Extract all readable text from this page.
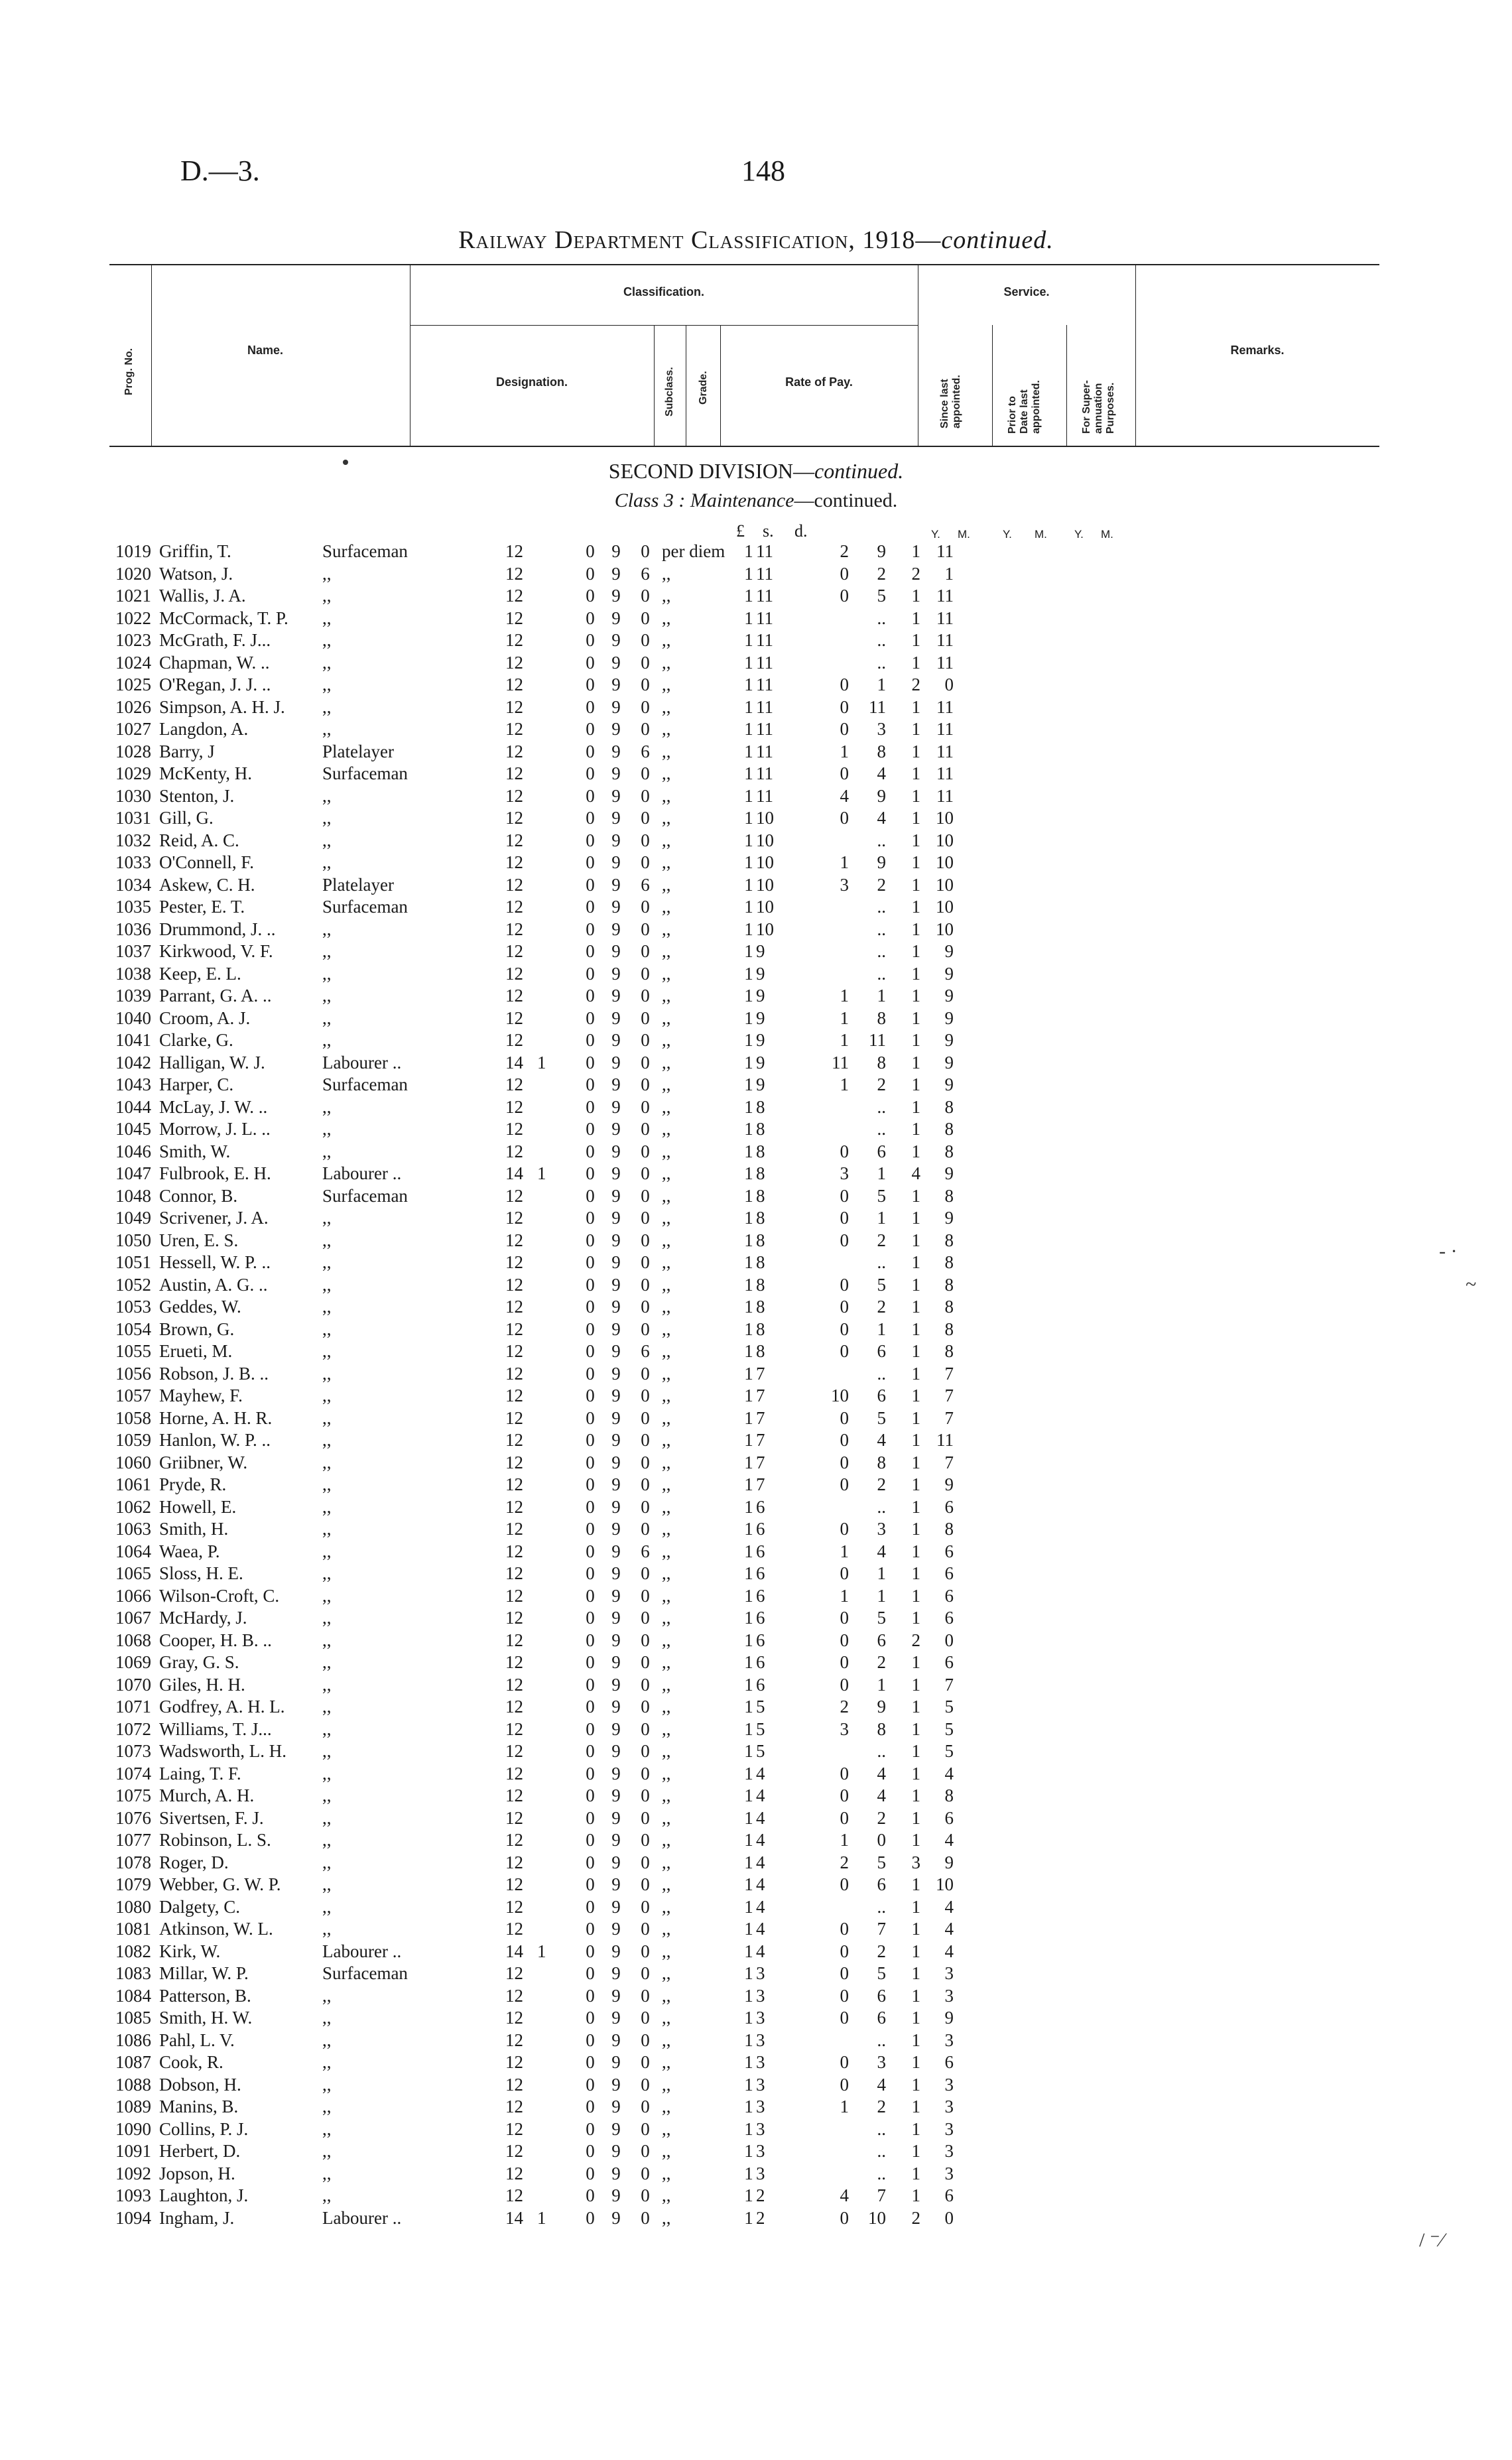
D.—3.	148
Railway Department Classification, 1918—continued.
Prog. No.	Name.
Classification.
Designation.	Subclass. Grade.	Rate of Pay.
Service.
Since last
appointed.	Prior to
Date last
appointed.	For Super-
annuation
Purposes.
Remarks.
SECOND DIVISION—continued.
Class 3 : Maintenance—continued.
£ s. d.	Y. M.	Y. M. Y. M.
1019	Griffin, T.	Surfaceman	12		0	9	0	per diem	1	11	2	9	1	11
1020	Watson, J.	,,	12		0	9	6	,,	1	11	0	2	2	1
1021	Wallis, J. A.	,,	12		0	9	0	,,	1	11	0	5	1	11
1022	McCormack, T. P.	,,	12		0	9	0	,,	1	11		..	1	11
1023	McGrath, F. J...	,,	12		0	9	0	,,	1	11		..	1	11
1024	Chapman, W. ..	,,	12		0	9	0	,,	1	11		..	1	11
1025	O'Regan, J. J. ..	,,	12		0	9	0	,,	1	11	0	1	2	0
1026	Simpson, A. H. J.	,,	12		0	9	0	,,	1	11	0	11	1	11
1027	Langdon, A.	,,	12		0	9	0	,,	1	11	0	3	1	11
1028	Barry, J	Platelayer	12		0	9	6	,,	1	11	1	8	1	11
1029	McKenty, H.	Surfaceman	12		0	9	0	,,	1	11	0	4	1	11
1030	Stenton, J.	,,	12		0	9	0	,,	1	11	4	9	1	11
1031	Gill, G.	,,	12		0	9	0	,,	1	10	0	4	1	10
1032	Reid, A. C.	,,	12		0	9	0	,,	1	10		..	1	10
1033	O'Connell, F.	,,	12		0	9	0	,,	1	10	1	9	1	10
1034	Askew, C. H.	Platelayer	12		0	9	6	,,	1	10	3	2	1	10
1035	Pester, E. T.	Surfaceman	12		0	9	0	,,	1	10		..	1	10
1036	Drummond, J. ..	,,	12		0	9	0	,,	1	10		..	1	10
1037	Kirkwood, V. F.	,,	12		0	9	0	,,	1	9		..	1	9
1038	Keep, E. L.	,,	12		0	9	0	,,	1	9		..	1	9
1039	Parrant, G. A. ..	,,	12		0	9	0	,,	1	9	1	1	1	9
1040	Croom, A. J.	,,	12		0	9	0	,,	1	9	1	8	1	9
1041	Clarke, G.	,,	12		0	9	0	,,	1	9	1	11	1	9
1042	Halligan, W. J.	Labourer ..	14	1	0	9	0	,,	1	9	11	8	1	9
1043	Harper, C.	Surfaceman	12		0	9	0	,,	1	9	1	2	1	9
1044	McLay, J. W. ..	,,	12		0	9	0	,,	1	8		..	1	8
1045	Morrow, J. L. ..	,,	12		0	9	0	,,	1	8		..	1	8
1046	Smith, W.	,,	12		0	9	0	,,	1	8	0	6	1	8
1047	Fulbrook, E. H.	Labourer ..	14	1	0	9	0	,,	1	8	3	1	4	9
1048	Connor, B.	Surfaceman	12		0	9	0	,,	1	8	0	5	1	8
1049	Scrivener, J. A.	,,	12		0	9	0	,,	1	8	0	1	1	9
1050	Uren, E. S.	,,	12		0	9	0	,,	1	8	0	2	1	8
1051	Hessell, W. P. ..	,,	12		0	9	0	,,	1	8		..	1	8
1052	Austin, A. G. ..	,,	12		0	9	0	,,	1	8	0	5	1	8
1053	Geddes, W.	,,	12		0	9	0	,,	1	8	0	2	1	8
1054	Brown, G.	,,	12		0	9	0	,,	1	8	0	1	1	8
1055	Erueti, M.	,,	12		0	9	6	,,	1	8	0	6	1	8
1056	Robson, J. B. ..	,,	12		0	9	0	,,	1	7		..	1	7
1057	Mayhew, F.	,,	12		0	9	0	,,	1	7	10	6	1	7
1058	Horne, A. H. R.	,,	12		0	9	0	,,	1	7	0	5	1	7
1059	Hanlon, W. P. ..	,,	12		0	9	0	,,	1	7	0	4	1	11
1060	Griibner, W.	,,	12		0	9	0	,,	1	7	0	8	1	7
1061	Pryde, R.	,,	12		0	9	0	,,	1	7	0	2	1	9
1062	Howell, E.	,,	12		0	9	0	,,	1	6		..	1	6
1063	Smith, H.	,,	12		0	9	0	,,	1	6	0	3	1	8
1064	Waea, P.	,,	12		0	9	6	,,	1	6	1	4	1	6
1065	Sloss, H. E.	,,	12		0	9	0	,,	1	6	0	1	1	6
1066	Wilson-Croft, C.	,,	12		0	9	0	,,	1	6	1	1	1	6
1067	McHardy, J.	,,	12		0	9	0	,,	1	6	0	5	1	6
1068	Cooper, H. B. ..	,,	12		0	9	0	,,	1	6	0	6	2	0
1069	Gray, G. S.	,,	12		0	9	0	,,	1	6	0	2	1	6
1070	Giles, H. H.	,,	12		0	9	0	,,	1	6	0	1	1	7
1071	Godfrey, A. H. L.	,,	12		0	9	0	,,	1	5	2	9	1	5
1072	Williams, T. J...	,,	12		0	9	0	,,	1	5	3	8	1	5
1073	Wadsworth, L. H.	,,	12		0	9	0	,,	1	5		..	1	5
1074	Laing, T. F.	,,	12		0	9	0	,,	1	4	0	4	1	4
1075	Murch, A. H.	,,	12		0	9	0	,,	1	4	0	4	1	8
1076	Sivertsen, F. J.	,,	12		0	9	0	,,	1	4	0	2	1	6
1077	Robinson, L. S.	,,	12		0	9	0	,,	1	4	1	0	1	4
1078	Roger, D.	,,	12		0	9	0	,,	1	4	2	5	3	9
1079	Webber, G. W. P.	,,	12		0	9	0	,,	1	4	0	6	1	10
1080	Dalgety, C.	,,	12		0	9	0	,,	1	4		..	1	4
1081	Atkinson, W. L.	,,	12		0	9	0	,,	1	4	0	7	1	4
1082	Kirk, W.	Labourer ..	14	1	0	9	0	,,	1	4	0	2	1	4
1083	Millar, W. P.	Surfaceman	12		0	9	0	,,	1	3	0	5	1	3
1084	Patterson, B.	,,	12		0	9	0	,,	1	3	0	6	1	3
1085	Smith, H. W.	,,	12		0	9	0	,,	1	3	0	6	1	9
1086	Pahl, L. V.	,,	12		0	9	0	,,	1	3		..	1	3
1087	Cook, R.	,,	12		0	9	0	,,	1	3	0	3	1	6
1088	Dobson, H.	,,	12		0	9	0	,,	1	3	0	4	1	3
1089	Manins, B.	,,	12		0	9	0	,,	1	3	1	2	1	3
1090	Collins, P. J.	,,	12		0	9	0	,,	1	3		..	1	3
1091	Herbert, D.	,,	12		0	9	0	,,	1	3		..	1	3
1092	Jopson, H.	,,	12		0	9	0	,,	1	3		..	1	3
1093	Laughton, J.	,,	12		0	9	0	,,	1	2	4	7	1	6
1094	Ingham, J.	Labourer ..	14	1	0	9	0	,,	1	2	0	10	2	0
- ·
~
/ ⁻∕
